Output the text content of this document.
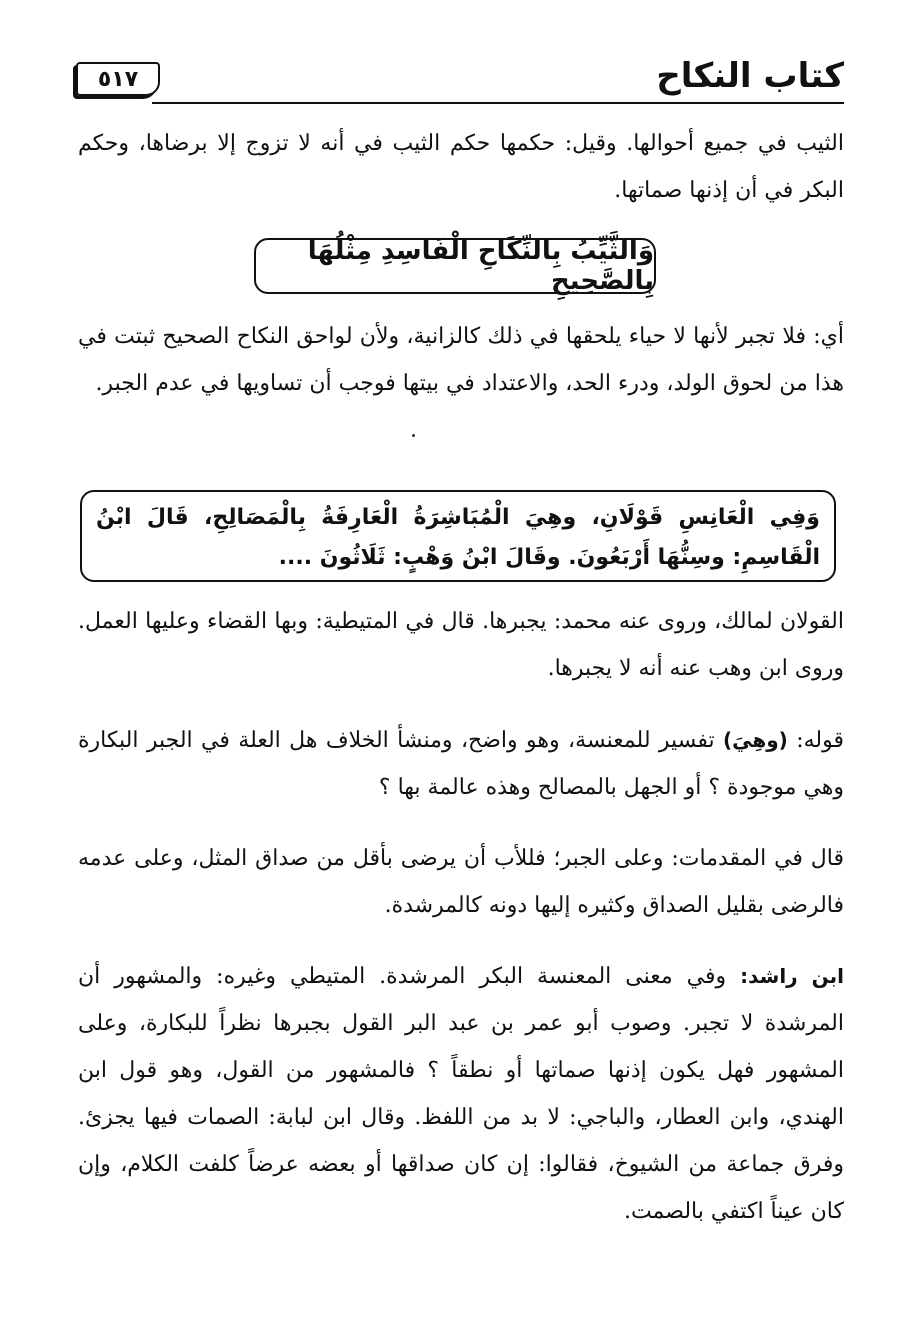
كتاب النكاح
٥١٧

الثيب في جميع أحوالها. وقيل: حكمها حكم الثيب في أنه لا تزوج إلا برضاها، وحكم البكر في أن إذنها صماتها.

وَالثَّيِّبُ بِالنِّكَاحِ الْفَاسِدِ مِثْلُهَا بِالصَّحِيحِ

أي: فلا تجبر لأنها لا حياء يلحقها في ذلك كالزانية، ولأن لواحق النكاح الصحيح ثبتت في هذا من لحوق الولد، ودرء الحد، والاعتداد في بيتها فوجب أن تساويها في عدم الجبر.

وَفِي الْعَانِسِ قَوْلَانِ، وهِيَ الْمُبَاشِرَةُ الْعَارِفَةُ بِالْمَصَالِحِ، قَالَ ابْنُ الْقَاسِمِ: وسِنُّهَا أَرْبَعُونَ. وقَالَ ابْنُ وَهْبٍ: ثَلَاثُونَ ....

القولان لمالك، وروى عنه محمد: يجبرها. قال في المتيطية: وبها القضاء وعليها العمل. وروى ابن وهب عنه أنه لا يجبرها.

قوله: (وهِيَ) تفسير للمعنسة، وهو واضح، ومنشأ الخلاف هل العلة في الجبر البكارة وهي موجودة ؟ أو الجهل بالمصالح وهذه عالمة بها ؟

قال في المقدمات: وعلى الجبر؛ فللأب أن يرضى بأقل من صداق المثل، وعلى عدمه فالرضى بقليل الصداق وكثيره إليها دونه كالمرشدة.

ابن راشد: وفي معنى المعنسة البكر المرشدة. المتيطي وغيره: والمشهور أن المرشدة لا تجبر. وصوب أبو عمر بن عبد البر القول بجبرها نظراً للبكارة، وعلى المشهور فهل يكون إذنها صماتها أو نطقاً ؟ فالمشهور من القول، وهو قول ابن الهندي، وابن العطار، والباجي: لا بد من اللفظ. وقال ابن لبابة: الصمات فيها يجزئ. وفرق جماعة من الشيوخ، فقالوا: إن كان صداقها أو بعضه عرضاً كلفت الكلام، وإن كان عيناً اكتفي بالصمت.
